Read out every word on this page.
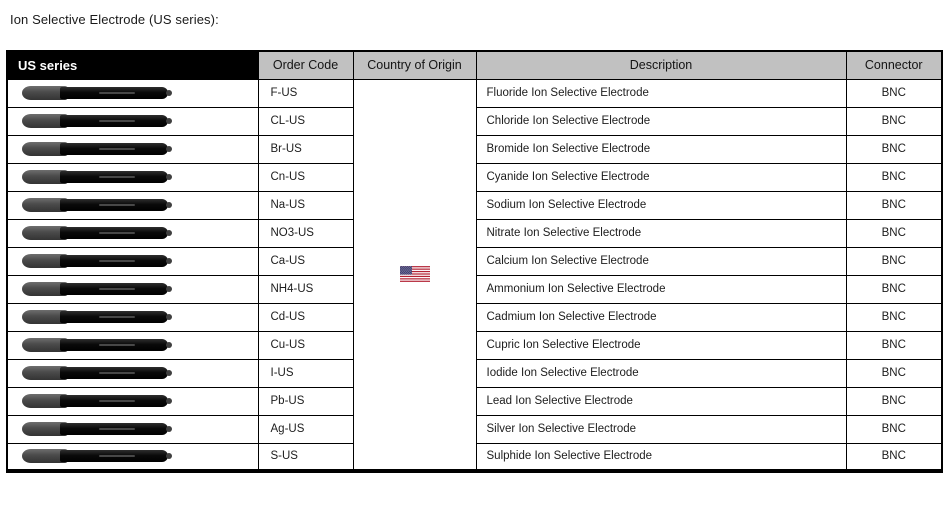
Ion Selective Electrode (US series):
US series	Order Code	Country of Origin	Description	Connector

	F-US		Fluoride Ion Selective Electrode	BNC

	CL-US		Chloride Ion Selective Electrode	BNC

	Br-US		Bromide Ion Selective Electrode	BNC

	Cn-US		Cyanide Ion Selective Electrode	BNC

	Na-US		Sodium Ion Selective Electrode	BNC

	NO3-US		Nitrate Ion Selective Electrode	BNC

	Ca-US		Calcium Ion Selective Electrode	BNC

	NH4-US		Ammonium Ion Selective Electrode	BNC

	Cd-US		Cadmium Ion Selective Electrode	BNC

	Cu-US		Cupric Ion Selective Electrode	BNC

	I-US		Iodide Ion Selective Electrode	BNC

	Pb-US		Lead Ion Selective Electrode	BNC

	Ag-US		Silver Ion Selective Electrode	BNC

	S-US		Sulphide Ion Selective Electrode	BNC
